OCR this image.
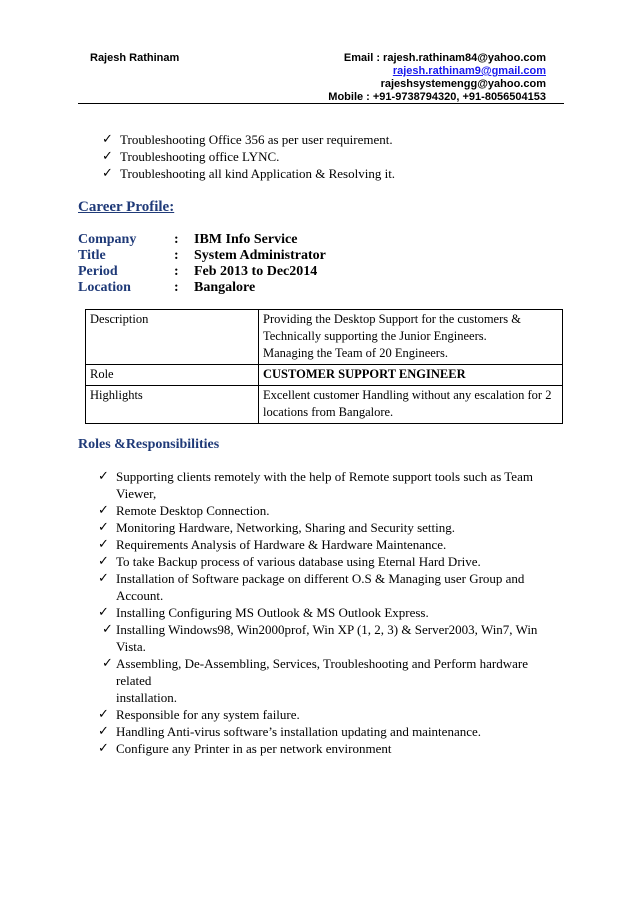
Rajesh Rathinam	Email : rajesh.rathinam84@yahoo.com
rajesh.rathinam9@gmail.com
rajeshsystemengg@yahoo.com
Mobile : +91-9738794320, +91-8056504153
✓ Troubleshooting Office 356 as per user requirement.
✓ Troubleshooting office LYNC.
✓ Troubleshooting all kind Application & Resolving it.
Career Profile:
Company	: IBM Info Service
Title	: System Administrator
Period	: Feb 2013 to Dec2014
Location	: Bangalore
Description	Providing the Desktop Support for the customers &
Technically supporting the Junior Engineers.
Managing the Team of 20 Engineers.

Role	CUSTOMER SUPPORT ENGINEER

Highlights	Excellent customer Handling without any escalation for 2
locations from Bangalore.
Roles &Responsibilities
✓ Supporting clients remotely with the help of Remote support tools such as Team
Viewer,
✓ Remote Desktop Connection.
✓ Monitoring Hardware, Networking, Sharing and Security setting.
✓ Requirements Analysis of Hardware & Hardware Maintenance.
✓ To take Backup process of various database using Eternal Hard Drive.
✓ Installation of Software package on different O.S & Managing user Group and
Account.
✓ Installing Configuring MS Outlook & MS Outlook Express.
✓ Installing Windows98, Win2000prof, Win XP (1, 2, 3) & Server2003, Win7, Win
Vista.
✓ Assembling, De-Assembling, Services, Troubleshooting and Perform hardware related
installation.
✓ Responsible for any system failure.
✓ Handling Anti-virus software’s installation updating and maintenance.
✓ Configure any Printer in as per network environment
